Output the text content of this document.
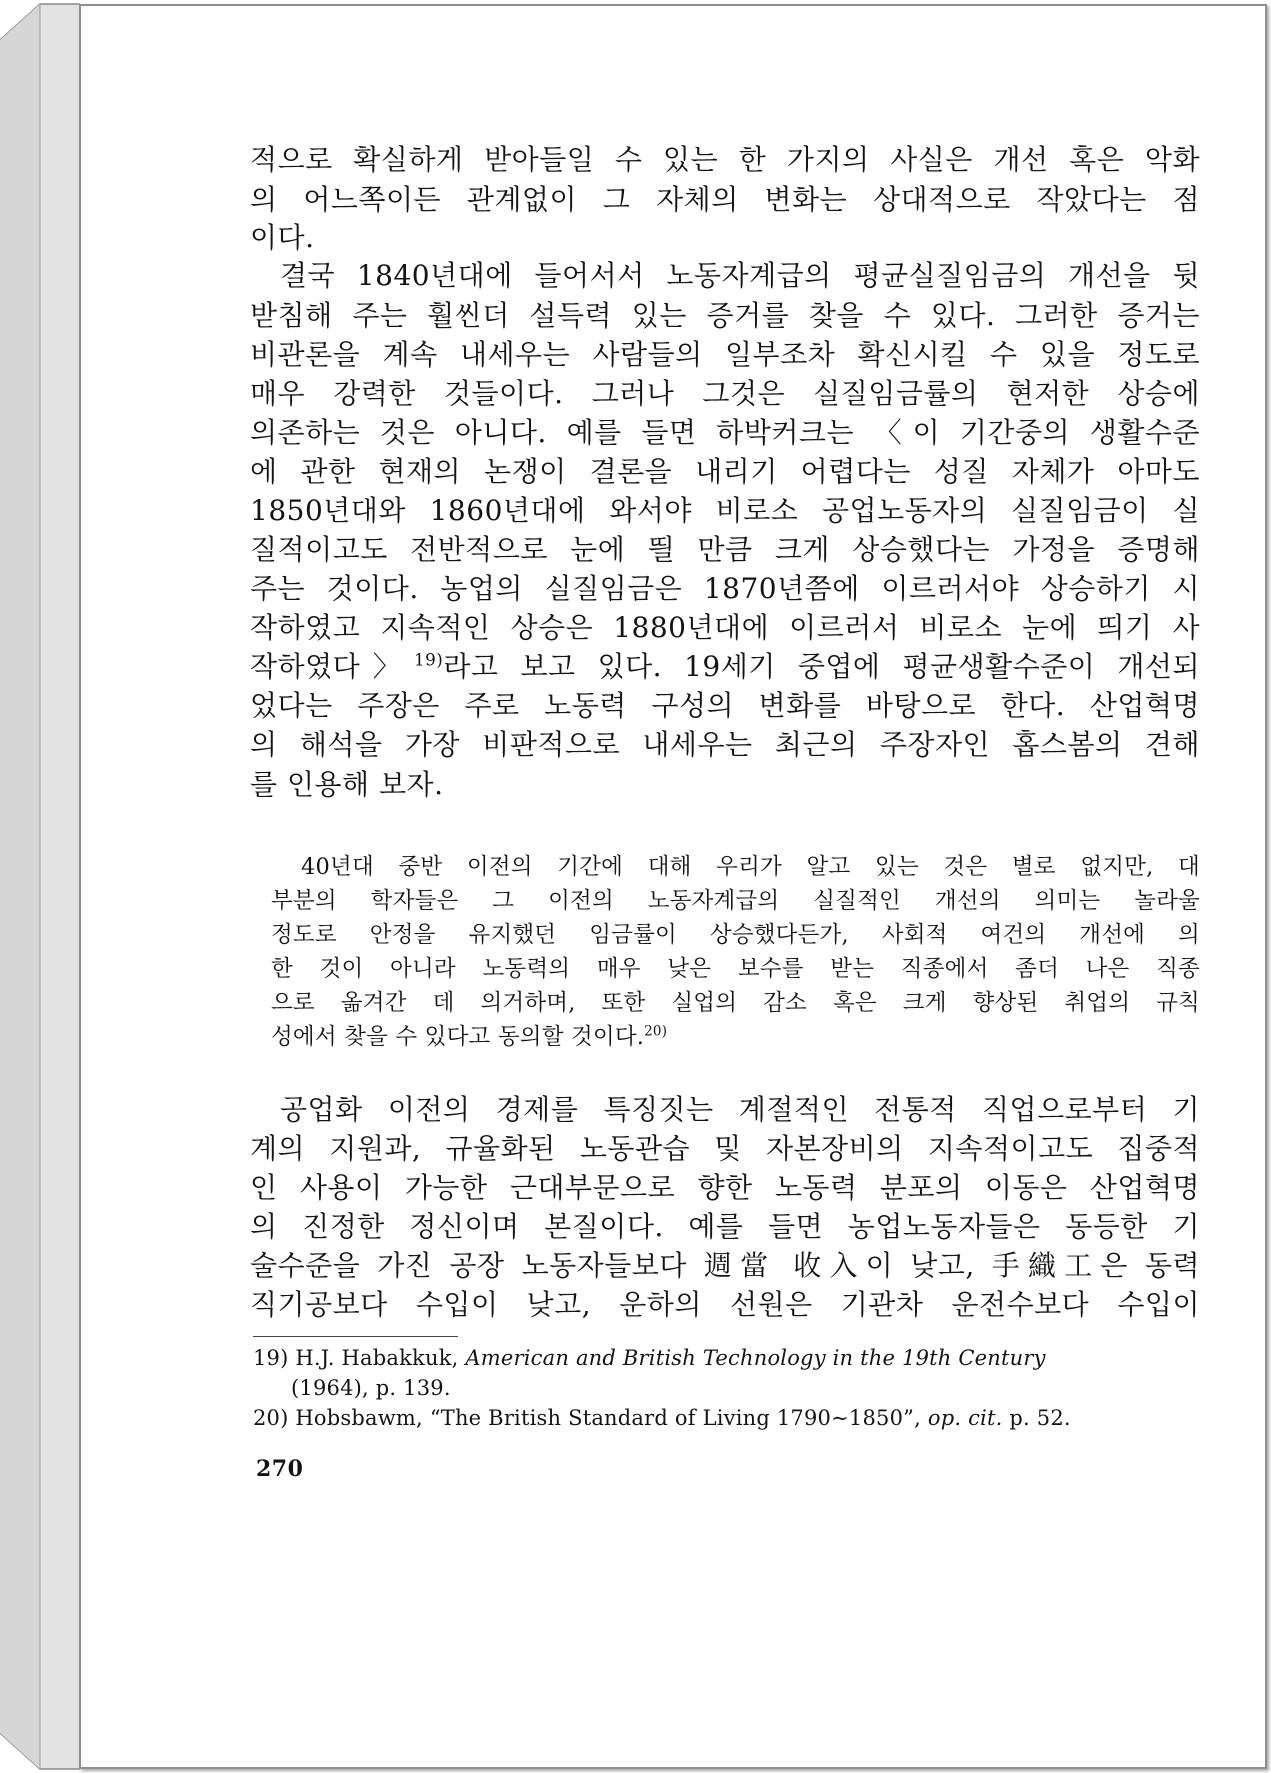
적으로 확실하게 받아들일 수 있는 한 가지의 사실은 개선 혹은 악화
의 어느쪽이든 관계없이 그 자체의 변화는 상대적으로 작았다는 점
이다.
결국 1840년대에 들어서서 노동자계급의 평균실질임금의 개선을 뒷
받침해 주는 훨씬더 설득력 있는 증거를 찾을 수 있다. 그러한 증거는
비관론을 계속 내세우는 사람들의 일부조차 확신시킬 수 있을 정도로
매우 강력한 것들이다. 그러나 그것은 실질임금률의 현저한 상승에
의존하는 것은 아니다. 예를 들면 하박커크는 〈이 기간중의 생활수준
에 관한 현재의 논쟁이 결론을 내리기 어렵다는 성질 자체가 아마도
1850년대와 1860년대에 와서야 비로소 공업노동자의 실질임금이 실
질적이고도 전반적으로 눈에 띌 만큼 크게 상승했다는 가정을 증명해
주는 것이다. 농업의 실질임금은 1870년쯤에 이르러서야 상승하기 시
작하였고 지속적인 상승은 1880년대에 이르러서 비로소 눈에 띄기 사
작하였다〉$^{19)}$라고 보고 있다. 19세기 중엽에 평균생활수준이 개선되
었다는 주장은 주로 노동력 구성의 변화를 바탕으로 한다. 산업혁명
의 해석을 가장 비판적으로 내세우는 최근의 주장자인 홉스봄의 견해
를 인용해 보자.
40년대 중반 이전의 기간에 대해 우리가 알고 있는 것은 별로 없지만, 대
부분의 학자들은 그 이전의 노동자계급의 실질적인 개선의 의미는 놀라울
정도로 안정을 유지했던 임금률이 상승했다든가, 사회적 여건의 개선에 의
한 것이 아니라 노동력의 매우 낮은 보수를 받는 직종에서 좀더 나은 직종
으로 옮겨간 데 의거하며, 또한 실업의 감소 혹은 크게 향상된 취업의 규칙
성에서 찾을 수 있다고 동의할 것이다.$^{20)}$
공업화 이전의 경제를 특징짓는 계절적인 전통적 직업으로부터 기
계의 지원과, 규율화된 노동관습 및 자본장비의 지속적이고도 집중적
인 사용이 가능한 근대부문으로 향한 노동력 분포의 이동은 산업혁명
의 진정한 정신이며 본질이다. 예를 들면 농업노동자들은 동등한 기
술수준을 가진 공장 노동자들보다 週當 收入이 낮고, 手織工은 동력
직기공보다 수입이 낮고, 운하의 선원은 기관차 운전수보다 수입이
19) H.J. Habakkuk, American and British Technology in the 19th Century
(1964), p. 139.
20) Hobsbawm, “The British Standard of Living 1790∼1850”, op. cit. p. 52.
270
